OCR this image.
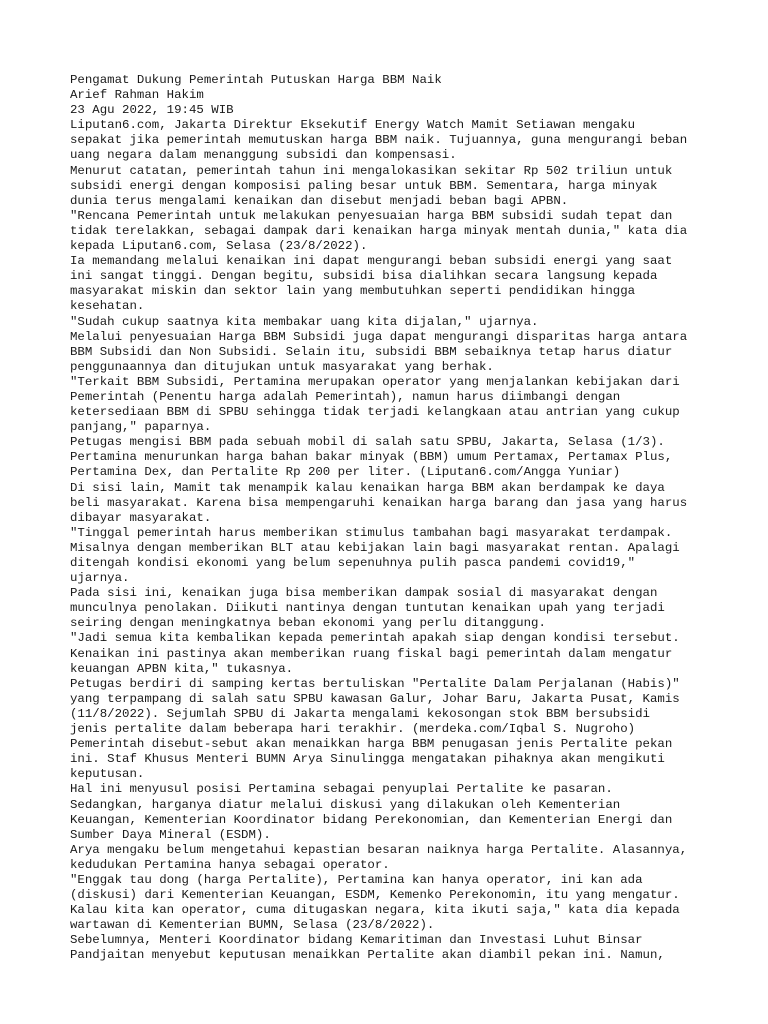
Pengamat Dukung Pemerintah Putuskan Harga BBM Naik
Arief Rahman Hakim
23 Agu 2022, 19:45 WIB
Liputan6.com, Jakarta Direktur Eksekutif Energy Watch Mamit Setiawan mengaku
sepakat jika pemerintah memutuskan harga BBM naik. Tujuannya, guna mengurangi beban
uang negara dalam menanggung subsidi dan kompensasi.
Menurut catatan, pemerintah tahun ini mengalokasikan sekitar Rp 502 triliun untuk
subsidi energi dengan komposisi paling besar untuk BBM. Sementara, harga minyak
dunia terus mengalami kenaikan dan disebut menjadi beban bagi APBN.
"Rencana Pemerintah untuk melakukan penyesuaian harga BBM subsidi sudah tepat dan
tidak terelakkan, sebagai dampak dari kenaikan harga minyak mentah dunia," kata dia
kepada Liputan6.com, Selasa (23/8/2022).
Ia memandang melalui kenaikan ini dapat mengurangi beban subsidi energi yang saat
ini sangat tinggi. Dengan begitu, subsidi bisa dialihkan secara langsung kepada
masyarakat miskin dan sektor lain yang membutuhkan seperti pendidikan hingga
kesehatan.
"Sudah cukup saatnya kita membakar uang kita dijalan," ujarnya.
Melalui penyesuaian Harga BBM Subsidi juga dapat mengurangi disparitas harga antara
BBM Subsidi dan Non Subsidi. Selain itu, subsidi BBM sebaiknya tetap harus diatur
penggunaannya dan ditujukan untuk masyarakat yang berhak.
"Terkait BBM Subsidi, Pertamina merupakan operator yang menjalankan kebijakan dari
Pemerintah (Penentu harga adalah Pemerintah), namun harus diimbangi dengan
ketersediaan BBM di SPBU sehingga tidak terjadi kelangkaan atau antrian yang cukup
panjang," paparnya.
Petugas mengisi BBM pada sebuah mobil di salah satu SPBU, Jakarta, Selasa (1/3).
Pertamina menurunkan harga bahan bakar minyak (BBM) umum Pertamax, Pertamax Plus,
Pertamina Dex, dan Pertalite Rp 200 per liter. (Liputan6.com/Angga Yuniar)
Di sisi lain, Mamit tak menampik kalau kenaikan harga BBM akan berdampak ke daya
beli masyarakat. Karena bisa mempengaruhi kenaikan harga barang dan jasa yang harus
dibayar masyarakat.
"Tinggal pemerintah harus memberikan stimulus tambahan bagi masyarakat terdampak.
Misalnya dengan memberikan BLT atau kebijakan lain bagi masyarakat rentan. Apalagi
ditengah kondisi ekonomi yang belum sepenuhnya pulih pasca pandemi covid19,"
ujarnya.
Pada sisi ini, kenaikan juga bisa memberikan dampak sosial di masyarakat dengan
munculnya penolakan. Diikuti nantinya dengan tuntutan kenaikan upah yang terjadi
seiring dengan meningkatnya beban ekonomi yang perlu ditanggung.
"Jadi semua kita kembalikan kepada pemerintah apakah siap dengan kondisi tersebut.
Kenaikan ini pastinya akan memberikan ruang fiskal bagi pemerintah dalam mengatur
keuangan APBN kita," tukasnya.
Petugas berdiri di samping kertas bertuliskan "Pertalite Dalam Perjalanan (Habis)"
yang terpampang di salah satu SPBU kawasan Galur, Johar Baru, Jakarta Pusat, Kamis
(11/8/2022). Sejumlah SPBU di Jakarta mengalami kekosongan stok BBM bersubsidi
jenis pertalite dalam beberapa hari terakhir. (merdeka.com/Iqbal S. Nugroho)
Pemerintah disebut-sebut akan menaikkan harga BBM penugasan jenis Pertalite pekan
ini. Staf Khusus Menteri BUMN Arya Sinulingga mengatakan pihaknya akan mengikuti
keputusan.
Hal ini menyusul posisi Pertamina sebagai penyuplai Pertalite ke pasaran.
Sedangkan, harganya diatur melalui diskusi yang dilakukan oleh Kementerian
Keuangan, Kementerian Koordinator bidang Perekonomian, dan Kementerian Energi dan
Sumber Daya Mineral (ESDM).
Arya mengaku belum mengetahui kepastian besaran naiknya harga Pertalite. Alasannya,
kedudukan Pertamina hanya sebagai operator.
"Enggak tau dong (harga Pertalite), Pertamina kan hanya operator, ini kan ada
(diskusi) dari Kementerian Keuangan, ESDM, Kemenko Perekonomin, itu yang mengatur.
Kalau kita kan operator, cuma ditugaskan negara, kita ikuti saja," kata dia kepada
wartawan di Kementerian BUMN, Selasa (23/8/2022).
Sebelumnya, Menteri Koordinator bidang Kemaritiman dan Investasi Luhut Binsar
Pandjaitan menyebut keputusan menaikkan Pertalite akan diambil pekan ini. Namun,
